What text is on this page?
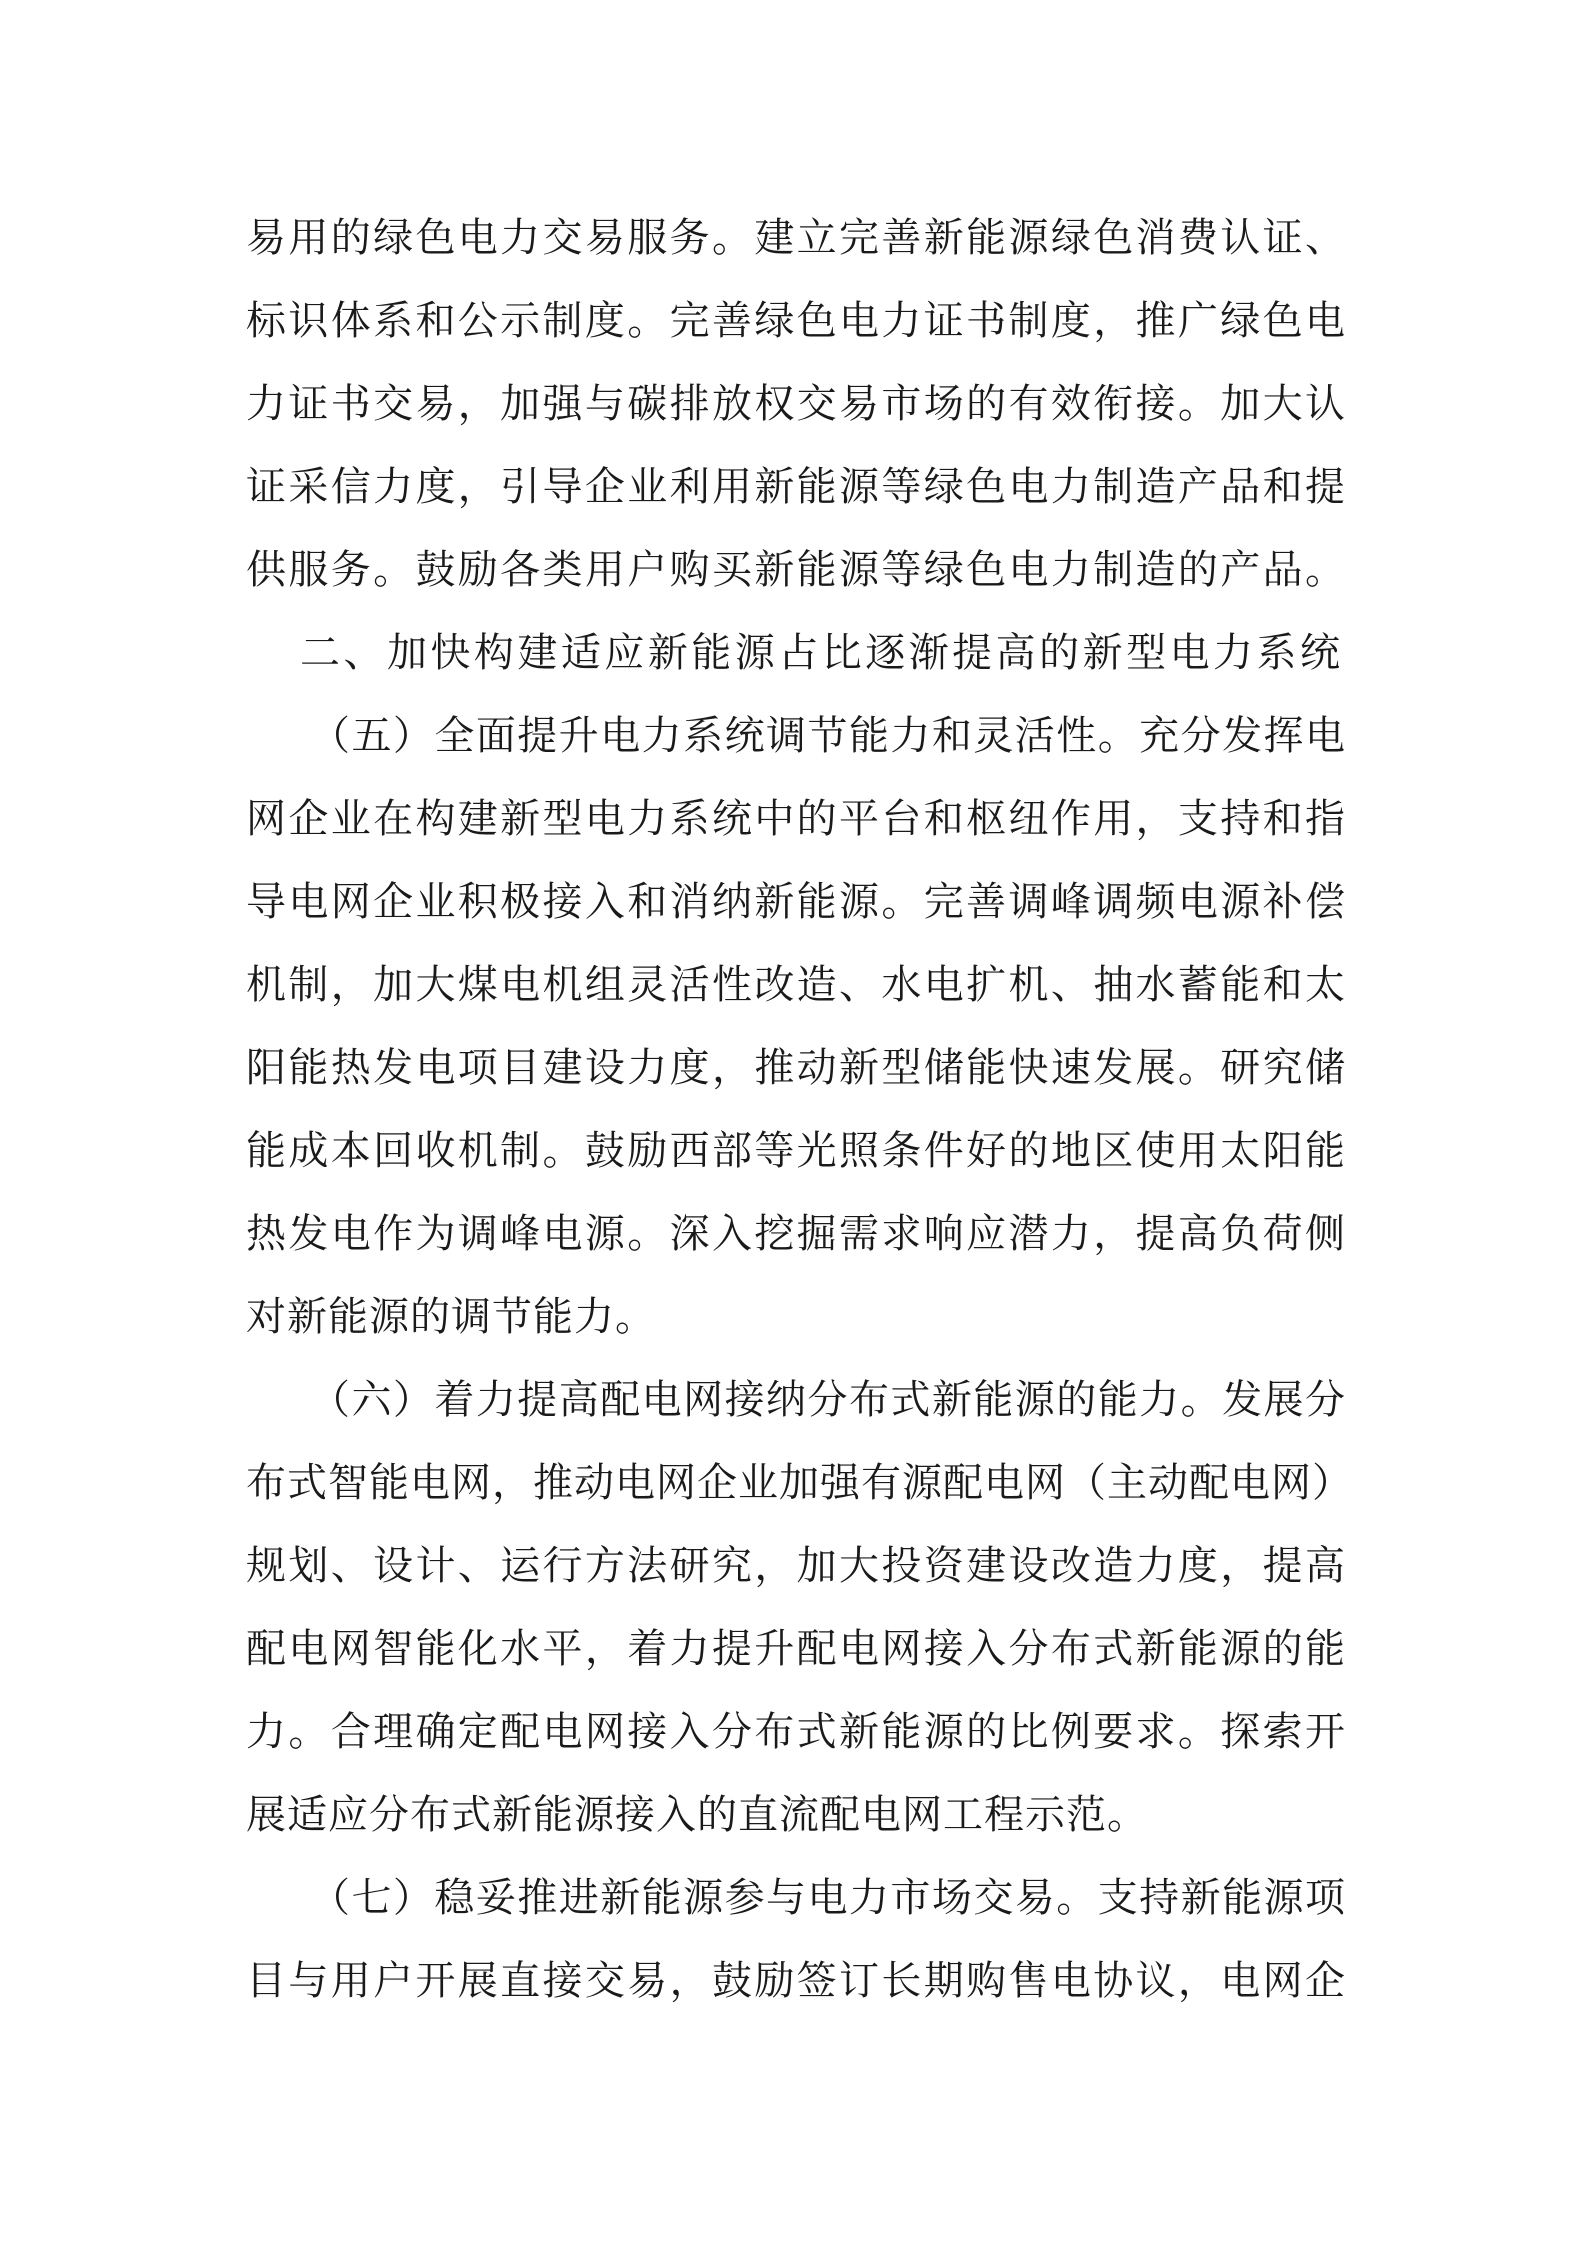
易用的绿色电力交易服务。建立完善新能源绿色消费认证、
标识体系和公示制度。完善绿色电力证书制度，推广绿色电
力证书交易，加强与碳排放权交易市场的有效衔接。加大认
证采信力度，引导企业利用新能源等绿色电力制造产品和提
供服务。鼓励各类用户购买新能源等绿色电力制造的产品。
二、加快构建适应新能源占比逐渐提高的新型电力系统
（五）全面提升电力系统调节能力和灵活性。充分发挥电
网企业在构建新型电力系统中的平台和枢纽作用，支持和指
导电网企业积极接入和消纳新能源。完善调峰调频电源补偿
机制，加大煤电机组灵活性改造、水电扩机、抽水蓄能和太
阳能热发电项目建设力度，推动新型储能快速发展。研究储
能成本回收机制。鼓励西部等光照条件好的地区使用太阳能
热发电作为调峰电源。深入挖掘需求响应潜力，提高负荷侧
对新能源的调节能力。
（六）着力提高配电网接纳分布式新能源的能力。发展分
布式智能电网，推动电网企业加强有源配电网（主动配电网）
规划、设计、运行方法研究，加大投资建设改造力度，提高
配电网智能化水平，着力提升配电网接入分布式新能源的能
力。合理确定配电网接入分布式新能源的比例要求。探索开
展适应分布式新能源接入的直流配电网工程示范。
（七）稳妥推进新能源参与电力市场交易。支持新能源项
目与用户开展直接交易，鼓励签订长期购售电协议，电网企
